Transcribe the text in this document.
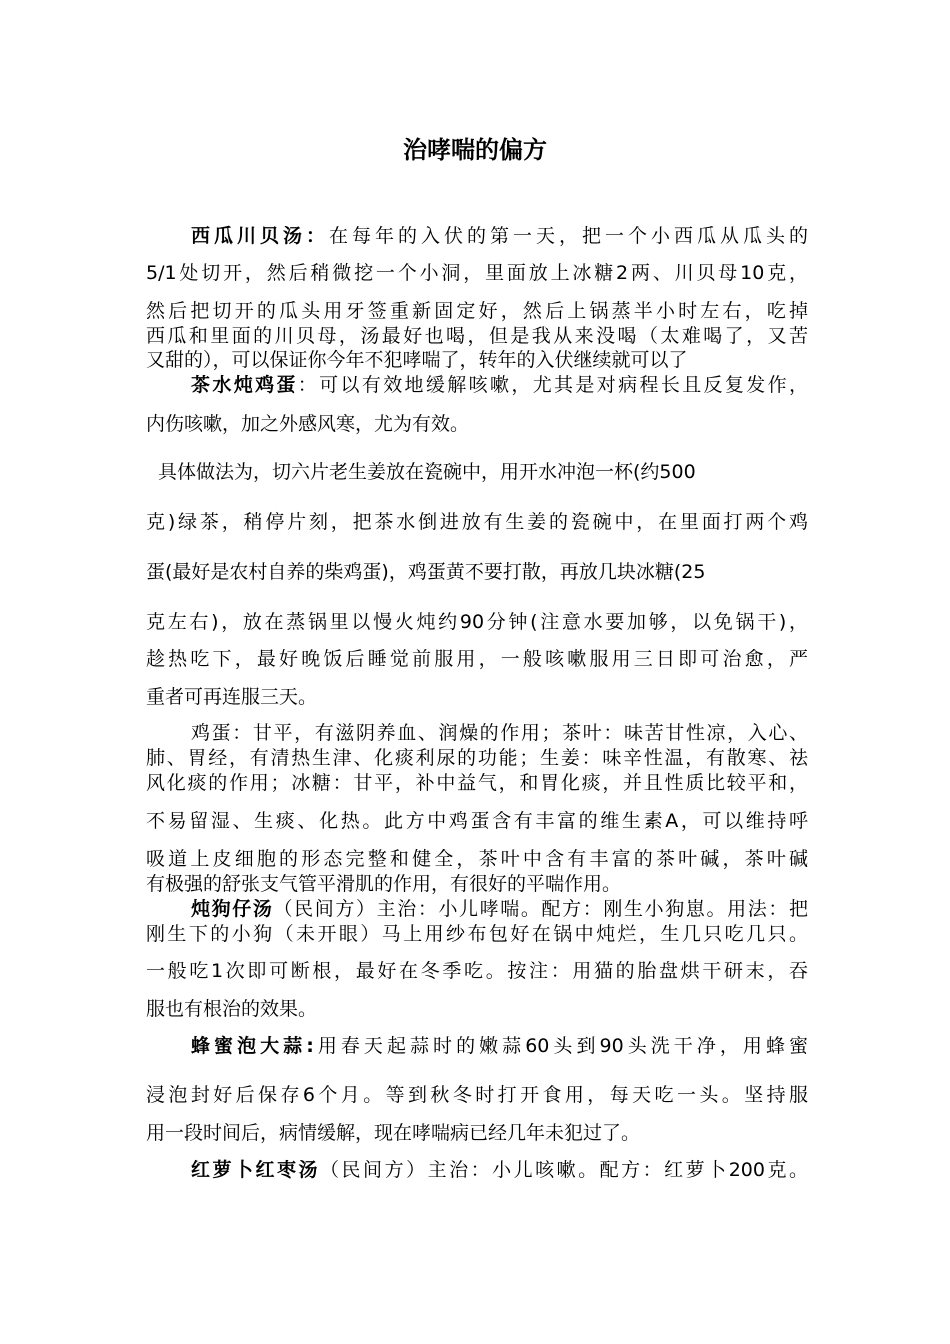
治哮喘的偏方
西瓜川贝汤：在每年的入伏的第一天，把一个小西瓜从瓜头的
5/1处切开，然后稍微挖一个小洞，里面放上冰糖2两、川贝母10克，
然后把切开的瓜头用牙签重新固定好，然后上锅蒸半小时左右，吃掉
西瓜和里面的川贝母，汤最好也喝，但是我从来没喝（太难喝了，又苦
又甜的），可以保证你今年不犯哮喘了，转年的入伏继续就可以了
茶水炖鸡蛋：可以有效地缓解咳嗽，尤其是对病程长且反复发作，
内伤咳嗽，加之外感风寒，尤为有效。
具体做法为，切六片老生姜放在瓷碗中，用开水冲泡一杯(约500
克)绿茶，稍停片刻，把茶水倒进放有生姜的瓷碗中，在里面打两个鸡
蛋(最好是农村自养的柴鸡蛋)，鸡蛋黄不要打散，再放几块冰糖(25
克左右)，放在蒸锅里以慢火炖约90分钟(注意水要加够，以免锅干)，
趁热吃下，最好晚饭后睡觉前服用，一般咳嗽服用三日即可治愈，严
重者可再连服三天。
鸡蛋：甘平，有滋阴养血、润燥的作用；茶叶：味苦甘性凉，入心、
肺、胃经，有清热生津、化痰利尿的功能；生姜：味辛性温，有散寒、祛
风化痰的作用；冰糖：甘平，补中益气，和胃化痰，并且性质比较平和，
不易留湿、生痰、化热。此方中鸡蛋含有丰富的维生素A，可以维持呼
吸道上皮细胞的形态完整和健全，茶叶中含有丰富的茶叶碱，茶叶碱
有极强的舒张支气管平滑肌的作用，有很好的平喘作用。
炖狗仔汤（民间方）主治：小儿哮喘。配方：刚生小狗崽。用法：把
刚生下的小狗（未开眼）马上用纱布包好在锅中炖烂，生几只吃几只。
一般吃1次即可断根，最好在冬季吃。按注：用猫的胎盘烘干研末，吞
服也有根治的效果。
蜂蜜泡大蒜:用春天起蒜时的嫩蒜60头到90头洗干净，用蜂蜜
浸泡封好后保存6个月。等到秋冬时打开食用，每天吃一头。坚持服
用一段时间后，病情缓解，现在哮喘病已经几年未犯过了。
红萝卜红枣汤（民间方）主治：小儿咳嗽。配方：红萝卜200克。
